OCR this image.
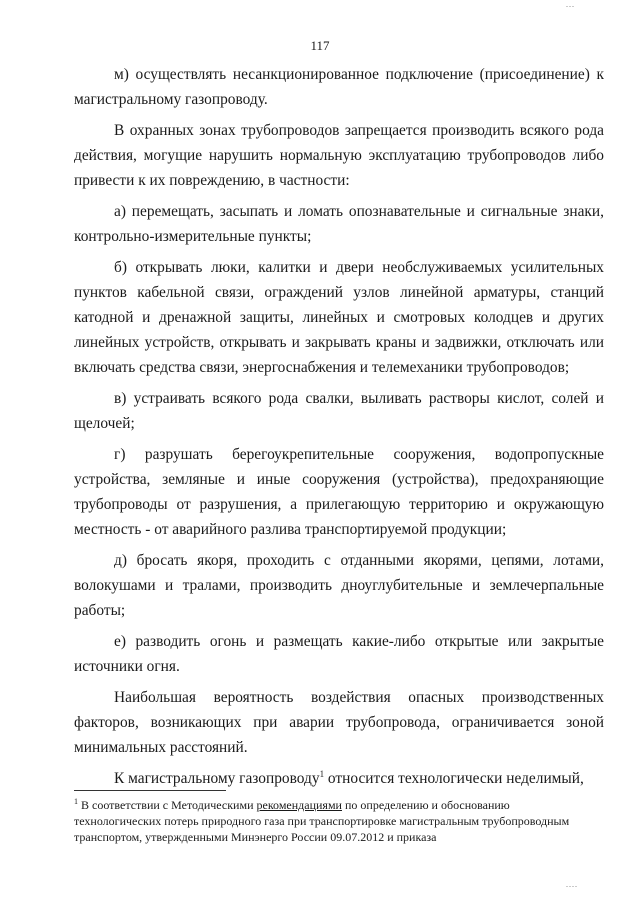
...
117

м) осуществлять несанкционированное подключение (присоединение) к магистральному газопроводу.

В охранных зонах трубопроводов запрещается производить всякого рода действия, могущие нарушить нормальную эксплуатацию трубопроводов либо привести к их повреждению, в частности:

а) перемещать, засыпать и ломать опознавательные и сигнальные знаки, контрольно-измерительные пункты;

б) открывать люки, калитки и двери необслуживаемых усилительных пунктов кабельной связи, ограждений узлов линейной арматуры, станций катодной и дренажной защиты, линейных и смотровых колодцев и других линейных устройств, открывать и закрывать краны и задвижки, отключать или включать средства связи, энергоснабжения и телемеханики трубопроводов;

в) устраивать всякого рода свалки, выливать растворы кислот, солей и щелочей;

г) разрушать берегоукрепительные сооружения, водопропускные устройства, земляные и иные сооружения (устройства), предохраняющие трубопроводы от разрушения, а прилегающую территорию и окружающую местность - от аварийного разлива транспортируемой продукции;

д) бросать якоря, проходить с отданными якорями, цепями, лотами, волокушами и тралами, производить дноуглубительные и землечерпальные работы;

е) разводить огонь и размещать какие-либо открытые или закрытые источники огня.

Наибольшая вероятность воздействия опасных производственных факторов, возникающих при аварии трубопровода, ограничивается зоной минимальных расстояний.

К магистральному газопроводу$^1$ относится технологически неделимый,

$^1$ В соответствии с Методическими рекомендациями по определению и обоснованию технологических потерь природного газа при транспортировке магистральным трубопроводным транспортом, утвержденными Минэнерго России 09.07.2012 и приказа
....
